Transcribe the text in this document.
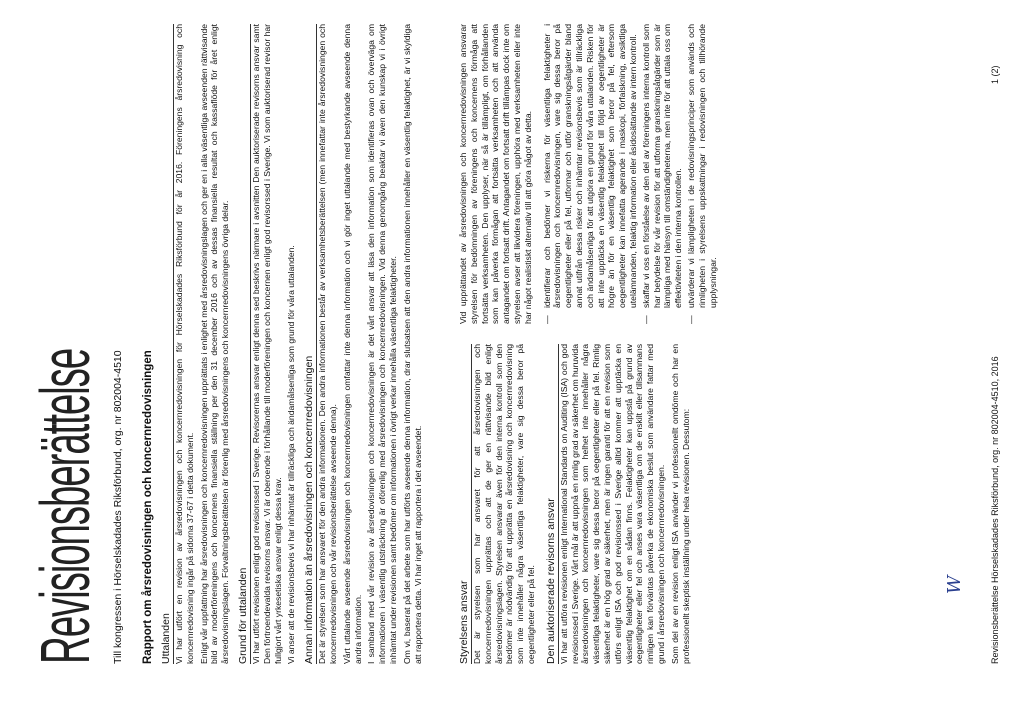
Revisionsberättelse Till kongressen i Hörselskadades Riksförbund, org. nr 802004-4510 Rapport om årsredovisningen och koncernredovisningen Uttalanden Vi har utfört en revision av årsredovisningen och koncernredovisningen för Hörselskadades Riksförbund för år 2016. Föreningens årsredovisning och koncernredovisning ingår på sidorna 37-67 i detta dokument. Enligt vår uppfattning har årsredovisningen och koncernredovisningen upprättats i enlighet med årsredovisningslagen och ger en i alla väsentliga avseenden rättvisande bild av moderföreningens och koncernens finansiella ställning per den 31 december 2016 och av dessas finansiella resultat och kassaflöde för året enligt årsredovisningslagen. Förvaltningsberättelsen är förenlig med årsredovisningens och koncernredovisningens övriga delar. Grund för uttalanden Vi har utfört revisionen enligt god revisionssed i Sverige. Revisorernas ansvar enligt denna sed beskrivs närmare i avsnitten Den auktoriserade revisorns ansvar samt Den förtroendevalda revisorns ansvar. Vi är oberoende i förhållande till moderföreningen och koncernen enligt god revisorssed i Sverige. Vi som auktoriserad revisor har fullgjort vårt yrkesetiska ansvar enligt dessa krav. Vi anser att de revisionsbevis vi har inhämtat är tillräckliga och ändamålsenliga som grund för våra uttalanden. Annan information än årsredovisningen och koncernredovisningen Det är styrelsen som har ansvaret för den andra informationen. Den andra informationen består av verksamhetsberättelsen (men innefattar inte årsredovisningen och koncernredovisningen och vår revisionsberättelse avseende denna). Vårt uttalande avseende årsredovisningen och koncernredovisningen omfattar inte denna information och vi gör inget uttalande med bestyrkande avseende denna andra information. I samband med vår revision av årsredovisningen och koncernredovisningen är det vårt ansvar att läsa den information som identifieras ovan och överväga om informationen i väsentlig utsträckning är oförenlig med årsredovisningen och koncernredovisningen. Vid denna genomgång beaktar vi även den kunskap vi i övrigt inhämtat under revisionen samt bedömer om informationen i övrigt verkar innehålla väsentliga felaktigheter. Om vi, baserat på det arbete som har utförts avseende denna information, drar slutsatsen att den andra informationen innehåller en väsentlig felaktighet, är vi skyldiga att rapportera detta. Vi har inget att rapportera i det avseendet.	Styrelsens ansvar Det är styrelsen som har ansvaret för att årsredovisningen och koncernredovisningen upprättas och att de ger en rättvisande bild enligt årsredovisningslagen. Styrelsen ansvarar även för den interna kontroll som den bedömer är nödvändig för att upprätta en årsredovisning och koncernredovisning som inte innehåller några väsentliga felaktigheter, vare sig dessa beror på oegentligheter eller på fel. Den auktoriserade revisorns ansvar Vi har att utföra revisionen enligt International Standards on Auditing (ISA) och god revisionssed i Sverige. Vårt mål är att uppnå en rimlig grad av säkerhet om huruvida årsredovisningen och koncernredovisningen som helhet inte innehåller några väsentliga felaktigheter, vare sig dessa beror på oegentligheter eller på fel. Rimlig säkerhet är en hög grad av säkerhet, men är ingen garanti för att en revision som utförs enligt ISA och god revisionssed i Sverige alltid kommer att upptäcka en väsentlig felaktighet om en sådan finns. Felaktigheter kan uppstå på grund av oegentligheter eller fel och anses vara väsentliga om de enskilt eller tillsammans rimligen kan förväntas påverka de ekonomiska beslut som användare fattar med grund i årsredovisningen och koncernredovisningen. Som del av en revision enligt ISA använder vi professionellt omdöme och har en professionellt skeptisk inställning under hela revisionen. Dessutom:

Vid upprättandet av årsredovisningen och koncernredovisningen ansvarar styrelsen för bedömningen av föreningens och koncernens förmåga att fortsätta verksamheten. Den upplyser, när så är tillämpligt, om förhållanden som kan påverka förmågan att fortsätta verksamheten och att använda antagandet om fortsatt drift. Antagandet om fortsatt drift tillämpas dock inte om styrelsen avser att likvidera föreningen, upphöra med verksamheten eller inte har något realistiskt alternativ till att göra något av detta. — identifierar och bedömer vi riskerna för väsentliga felaktigheter i årsredovisningen och koncernredovisningen, vare sig dessa beror på oegentligheter eller på fel, utformar och utför granskningsåtgärder bland annat utifrån dessa risker och inhämtar revisionsbevis som är tillräckliga och ändamålsenliga för att utgöra en grund för våra uttalanden. Risken för att inte upptäcka en väsentlig felaktighet till följd av oegentligheter är högre än för en väsentlig felaktighet som beror på fel, eftersom oegentligheter kan innefatta agerande i maskopi, förfalskning, avsiktliga utelämnanden, felaktig information eller åsidosättande av intern kontroll. — skaffar vi oss en förståelse av den del av föreningens interna kontroll som har betydelse för vår revision för att utforma granskningsåtgärder som är lämpliga med hänsyn till omständigheterna, men inte för att uttala oss om effektiviteten i den interna kontrollen. — utvärderar vi lämpligheten i de redovisningsprinciper som används och rimligheten i styrelsens uppskattningar i redovisningen och tillhörande upplysningar.
W	Revisionsberättelse Hörselskadades Riksförbund, org. nr 802004-4510, 2016
1 (2)
